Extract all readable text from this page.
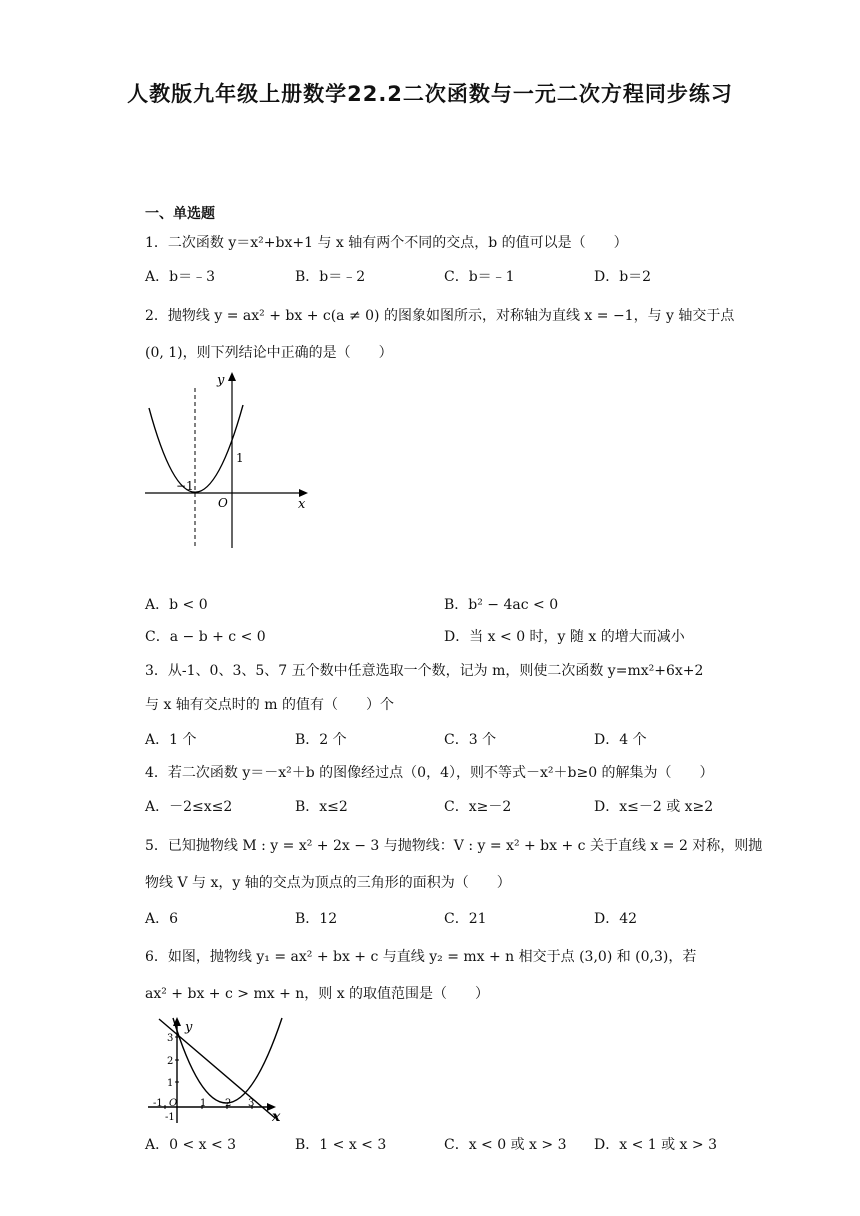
人教版九年级上册数学22.2二次函数与一元二次方程同步练习
一、单选题
1．二次函数 y＝x²+bx+1 与 x 轴有两个不同的交点，b 的值可以是（　　）
A．b＝﹣3	B．b＝﹣2	C．b＝﹣1	D．b＝2
2．抛物线 y = ax² + bx + c(a ≠ 0) 的图象如图所示，对称轴为直线 x = −1，与 y 轴交于点
(0, 1)，则下列结论中正确的是（　　）
y
x
−1
O
1
A．b < 0	B．b² − 4ac < 0
C．a − b + c < 0	D．当 x < 0 时，y 随 x 的增大而减小
3．从-1、0、3、5、7 五个数中任意选取一个数，记为 m，则使二次函数 y=mx²+6x+2
与 x 轴有交点时的 m 的值有（　　）个
A．1 个	B．2 个	C．3 个	D．4 个
4．若二次函数 y＝－x²＋b 的图像经过点（0，4），则不等式－x²＋b≥0 的解集为（　　）
A．－2≤x≤2	B．x≤2	C．x≥－2	D．x≤－2 或 x≥2
5．已知抛物线 M : y = x² + 2x − 3 与抛物线：V : y = x² + bx + c 关于直线 x = 2 对称，则抛
物线 V 与 x，y 轴的交点为顶点的三角形的面积为（　　）
A．6	B．12	C．21	D．42
6．如图，抛物线 y₁ = ax² + bx + c 与直线 y₂ = mx + n 相交于点 (3,0) 和 (0,3)，若
ax² + bx + c > mx + n，则 x 的取值范围是（　　）
y
x
3
2
1
-1
O
-1	1 2 3
A．0 < x < 3	B．1 < x < 3	C．x < 0 或 x > 3 D．x < 1 或 x > 3
